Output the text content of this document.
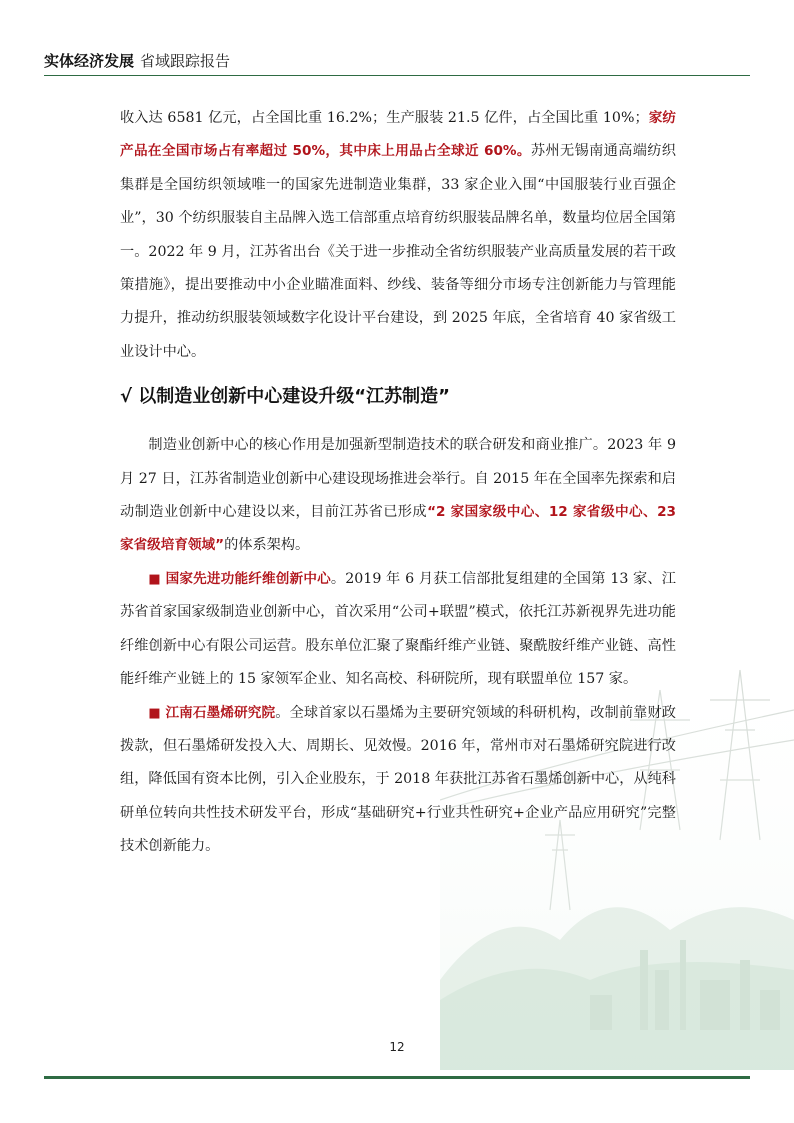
实体经济发展 省域跟踪报告

收入达 6581 亿元，占全国比重 16.2%；生产服装 21.5 亿件，占全国比重 10%；家纺产品在全国市场占有率超过 50%，其中床上用品占全球近 60%。苏州无锡南通高端纺织集群是全国纺织领域唯一的国家先进制造业集群，33 家企业入围“中国服装行业百强企业”，30 个纺织服装自主品牌入选工信部重点培育纺织服装品牌名单，数量均位居全国第一。2022 年 9 月，江苏省出台《关于进一步推动全省纺织服装产业高质量发展的若干政策措施》，提出要推动中小企业瞄准面料、纱线、装备等细分市场专注创新能力与管理能力提升，推动纺织服装领域数字化设计平台建设，到 2025 年底，全省培育 40 家省级工业设计中心。

√ 以制造业创新中心建设升级“江苏制造”

制造业创新中心的核心作用是加强新型制造技术的联合研发和商业推广。2023 年 9 月 27 日，江苏省制造业创新中心建设现场推进会举行。自 2015 年在全国率先探索和启动制造业创新中心建设以来，目前江苏省已形成“2 家国家级中心、12 家省级中心、23 家省级培育领域”的体系架构。

■ 国家先进功能纤维创新中心。2019 年 6 月获工信部批复组建的全国第 13 家、江苏省首家国家级制造业创新中心，首次采用“公司+联盟”模式，依托江苏新视界先进功能纤维创新中心有限公司运营。股东单位汇聚了聚酯纤维产业链、聚酰胺纤维产业链、高性能纤维产业链上的 15 家领军企业、知名高校、科研院所，现有联盟单位 157 家。

■ 江南石墨烯研究院。全球首家以石墨烯为主要研究领域的科研机构，改制前靠财政拨款，但石墨烯研发投入大、周期长、见效慢。2016 年，常州市对石墨烯研究院进行改组，降低国有资本比例，引入企业股东，于 2018 年获批江苏省石墨烯创新中心，从纯科研单位转向共性技术研发平台，形成“基础研究+行业共性研究+企业产品应用研究”完整技术创新能力。

12
